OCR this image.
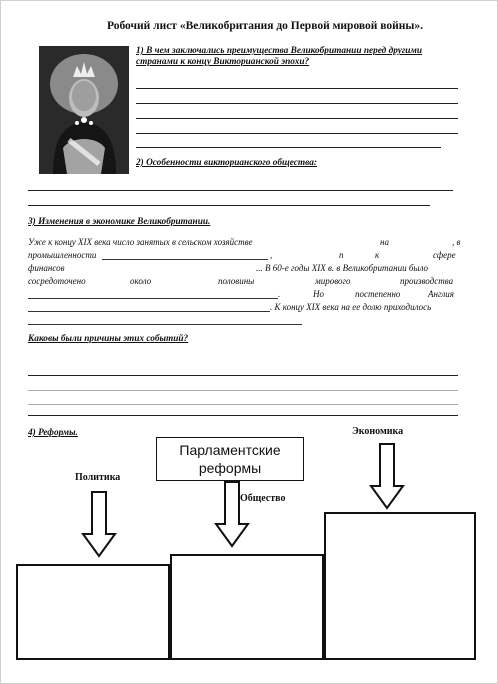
Робочий лист «Великобритания до Первой мировой войны».
1) В чем заключались преимущества Великобритании перед другими
странами к концу Викторианской эпохи?
2) Особенности викторианского общества:
3) Изменения в экономике Великобритании.
Уже к концу XIX века число занятых в сельском хозяйстве	на	, в
промышленности	,	п	к	сфере
финансов	... В 60-е годы XIX в. в Великобритании было
сосредоточено	около	половины	мирового	производства
.	Но	постепенно	Англия
. К концу XIX века на ее долю приходилось
Каковы были причины этих событий?
4) Реформы.
Парламентские
реформы
Политика
Общество
Экономика
